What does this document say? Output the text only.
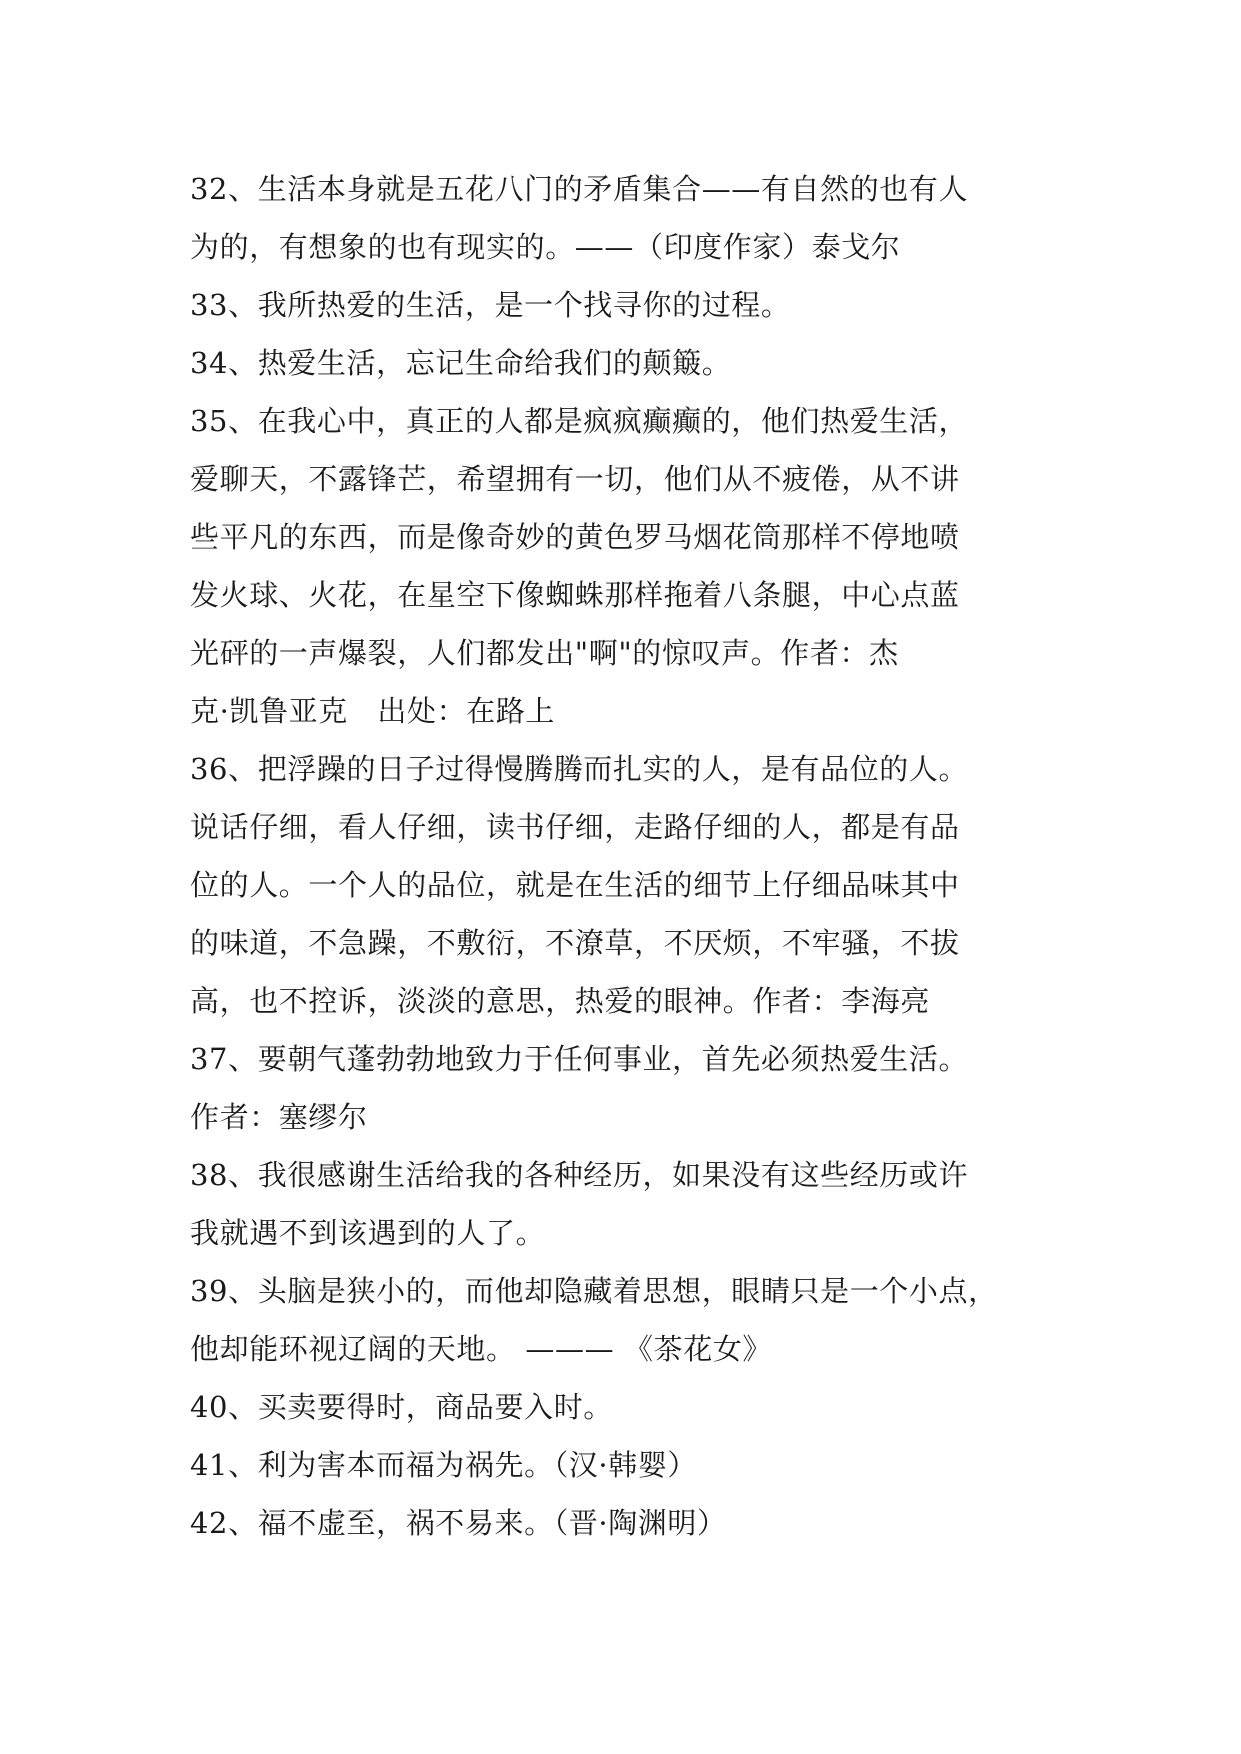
32、生活本身就是五花八门的矛盾集合——有自然的也有人
为的，有想象的也有现实的。——（印度作家）泰戈尔
33、我所热爱的生活，是一个找寻你的过程。
34、热爱生活，忘记生命给我们的颠簸。
35、在我心中，真正的人都是疯疯癫癫的，他们热爱生活，
爱聊天，不露锋芒，希望拥有一切，他们从不疲倦，从不讲
些平凡的东西，而是像奇妙的黄色罗马烟花筒那样不停地喷
发火球、火花，在星空下像蜘蛛那样拖着八条腿，中心点蓝
光砰的一声爆裂，人们都发出"啊"的惊叹声。作者：杰
克·凯鲁亚克　出处：在路上
36、把浮躁的日子过得慢腾腾而扎实的人，是有品位的人。
说话仔细，看人仔细，读书仔细，走路仔细的人，都是有品
位的人。一个人的品位，就是在生活的细节上仔细品味其中
的味道，不急躁，不敷衍，不潦草，不厌烦，不牢骚，不拔
高，也不控诉，淡淡的意思，热爱的眼神。作者：李海亮
37、要朝气蓬勃勃地致力于任何事业，首先必须热爱生活。
作者：塞缪尔
38、我很感谢生活给我的各种经历，如果没有这些经历或许
我就遇不到该遇到的人了。
39、头脑是狭小的，而他却隐藏着思想，眼睛只是一个小点，
他却能环视辽阔的天地。 ——— 《茶花女》
40、买卖要得时，商品要入时。
41、利为害本而福为祸先。（汉·韩婴）
42、福不虚至，祸不易来。（晋·陶渊明）
